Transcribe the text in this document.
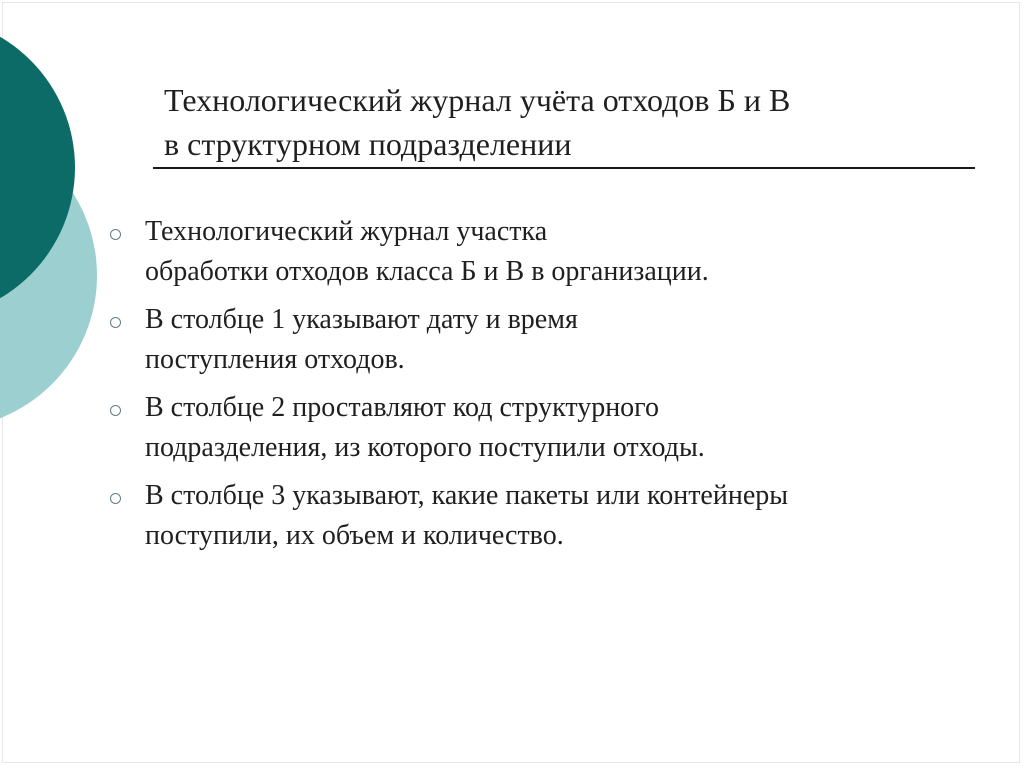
Технологический журнал учёта отходов Б и В
в структурном подразделении
Технологический журнал участка
обработки отходов класса Б и В в организации.
В столбце 1 указывают дату и время
поступления отходов.
В столбце 2 проставляют код структурного
подразделения, из которого поступили отходы.
В столбце 3 указывают, какие пакеты или контейнеры
поступили, их объем и количество.
